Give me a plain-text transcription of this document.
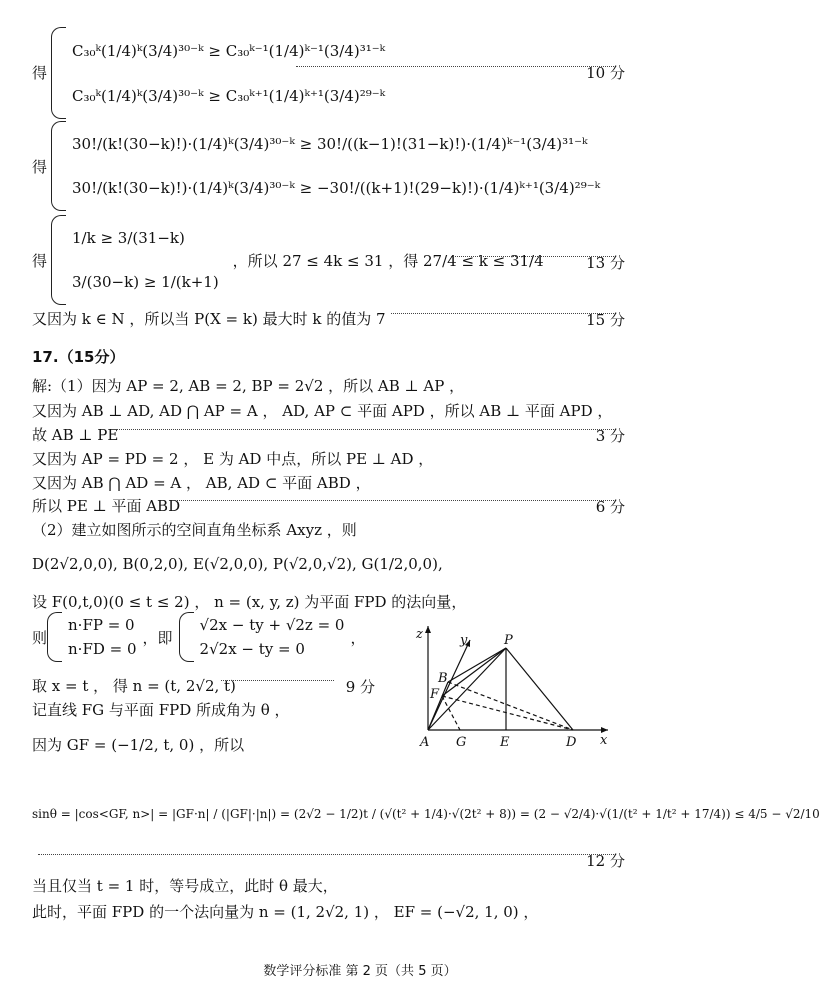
得
C₃₀ᵏ(1/4)ᵏ(3/4)³⁰⁻ᵏ ≥ C₃₀ᵏ⁻¹(1/4)ᵏ⁻¹(3/4)³¹⁻ᵏ
C₃₀ᵏ(1/4)ᵏ(3/4)³⁰⁻ᵏ ≥ C₃₀ᵏ⁺¹(1/4)ᵏ⁺¹(3/4)²⁹⁻ᵏ
10 分
得
30!/(k!(30−k)!)·(1/4)ᵏ(3/4)³⁰⁻ᵏ ≥ 30!/((k−1)!(31−k)!)·(1/4)ᵏ⁻¹(3/4)³¹⁻ᵏ
30!/(k!(30−k)!)·(1/4)ᵏ(3/4)³⁰⁻ᵏ ≥ −30!/((k+1)!(29−k)!)·(1/4)ᵏ⁺¹(3/4)²⁹⁻ᵏ
得
1/k ≥ 3/(31−k)
3/(30−k) ≥ 1/(k+1)
，所以 27 ≤ 4k ≤ 31 ，得 27/4 ≤ k ≤ 31/4	13 分
又因为 k ∈ N ，所以当 P(X = k) 最大时 k 的值为 7	15 分
17.（15分）
解:（1）因为 AP = 2, AB = 2, BP = 2√2 ，所以 AB ⊥ AP ，
又因为 AB ⊥ AD, AD ⋂ AP = A ， AD, AP ⊂ 平面 APD ，所以 AB ⊥ 平面 APD ，
故 AB ⊥ PE	3 分
又因为 AP = PD = 2 ， E 为 AD 中点，所以 PE ⊥ AD ，
又因为 AB ⋂ AD = A ， AB, AD ⊂ 平面 ABD ，
所以 PE ⊥ 平面 ABD	6 分
（2）建立如图所示的空间直角坐标系 Axyz ，则
D(2√2,0,0), B(0,2,0), E(√2,0,0), P(√2,0,√2), G(1/2,0,0),
设 F(0,t,0)(0 ≤ t ≤ 2) ， n = (x, y, z) 为平面 FPD 的法向量，
则
n·FP = 0
n·FD = 0
，即
√2x − ty + √2z = 0
2√2x − ty = 0
，
取 x = t ， 得 n = (t, 2√2, t)	9 分
记直线 FG 与平面 FPD 所成角为 θ ，
因为 GF = (−1/2, t, 0) ，所以
sinθ = |cos<GF, n>| = |GF·n| / (|GF|·|n|) = (2√2 − 1/2)t / (√(t² + 1/4)·√(2t² + 8)) = (2 − √2/4)·√(1/(t² + 1/t² + 17/4)) ≤ 4/5 − √2/10
12 分
当且仅当 t = 1 时，等号成立，此时 θ 最大，
此时，平面 FPD 的一个法向量为 n = (1, 2√2, 1) ， EF = (−√2, 1, 0) ，
z	y	P
B
F
A G	E	D x
数学评分标准 第 2 页（共 5 页）
